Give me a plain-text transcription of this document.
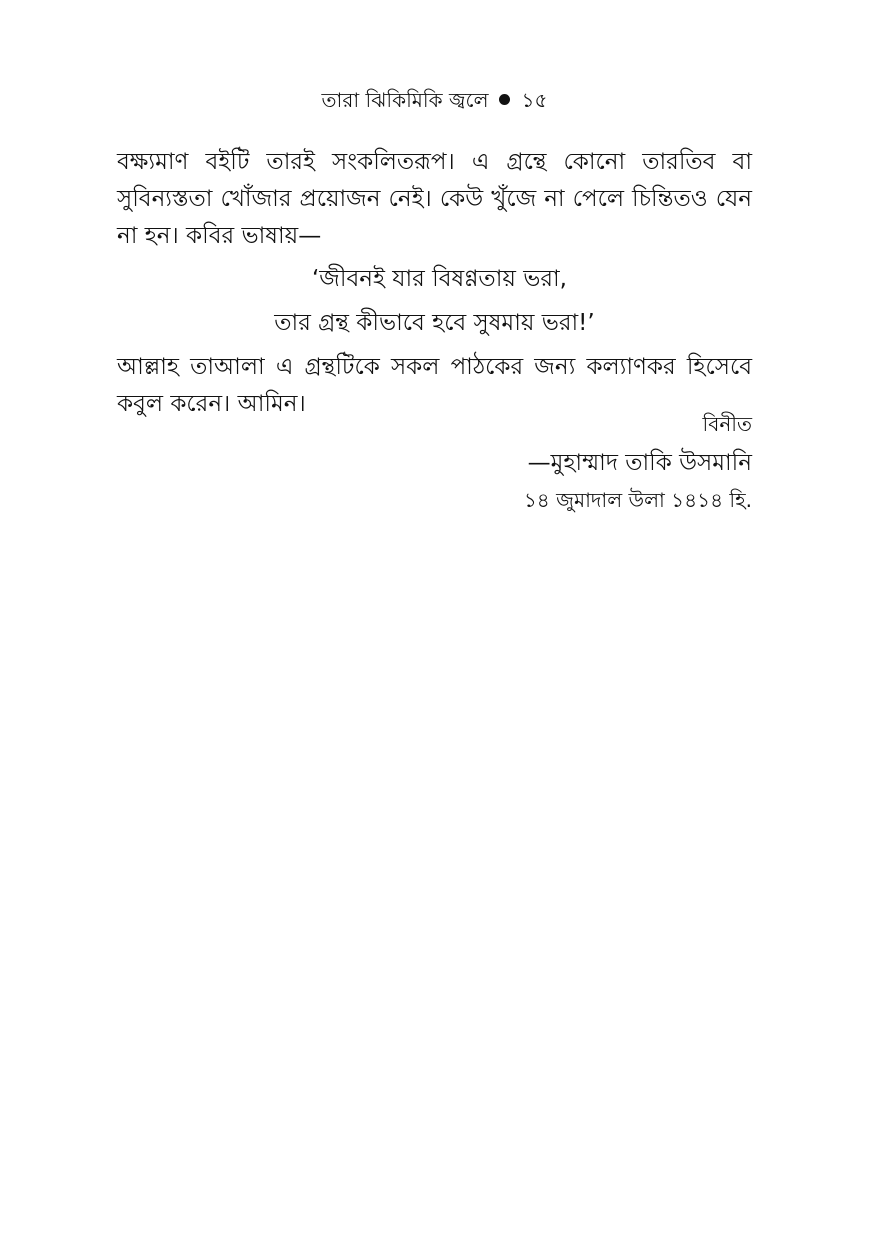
তারা ঝিকিমিকি জ্বলে ১৫

বক্ষ্যমাণ বইটি তারই সংকলিতরূপ। এ গ্রন্থে কোনো তারতিব বা সুবিন্যস্ততা খোঁজার প্রয়োজন নেই। কেউ খুঁজে না পেলে চিন্তিতও যেন না হন। কবির ভাষায়—

‘জীবনই যার বিষণ্ণতায় ভরা,
তার গ্রন্থ কীভাবে হবে সুষমায় ভরা!’

আল্লাহ তাআলা এ গ্রন্থটিকে সকল পাঠকের জন্য কল্যাণকর হিসেবে কবুল করেন। আমিন।

বিনীত
—মুহাম্মাদ তাকি উসমানি
১৪ জুমাদাল উলা ১৪১৪ হি.
